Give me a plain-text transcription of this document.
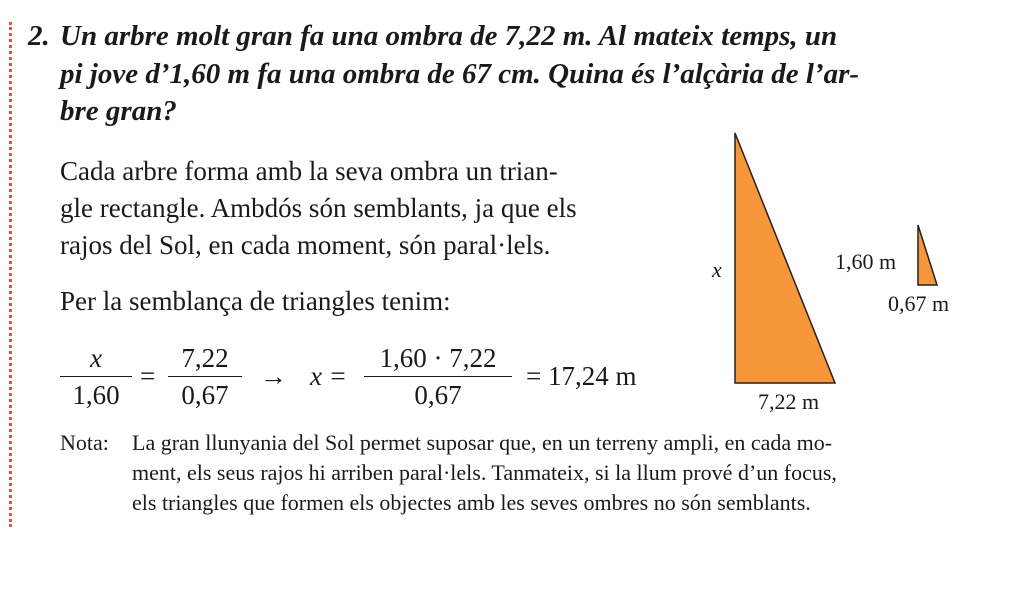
2. Un arbre molt gran fa una ombra de 7,22 m. Al mateix temps, un
pi jove d’1,60 m fa una ombra de 67 cm. Quina és l’alçària de l’ar-
bre gran?
Cada arbre forma amb la seva ombra un trian-
gle rectangle. Ambdós són semblants, ja que els
rajos del Sol, en cada moment, són paral·lels.
Per la semblança de triangles tenim:
x
1,60
=
7,22
0,67
→ x =
1,60 · 7,22
0,67
= 17,24 m
Nota:	La gran llunyania del Sol permet suposar que, en un terreny ampli, en cada mo-
ment, els seus rajos hi arriben paral·lels. Tanmateix, si la llum prové d’un focus,
els triangles que formen els objectes amb les seves ombres no són semblants.
x
7,22 m
1,60 m
0,67 m
